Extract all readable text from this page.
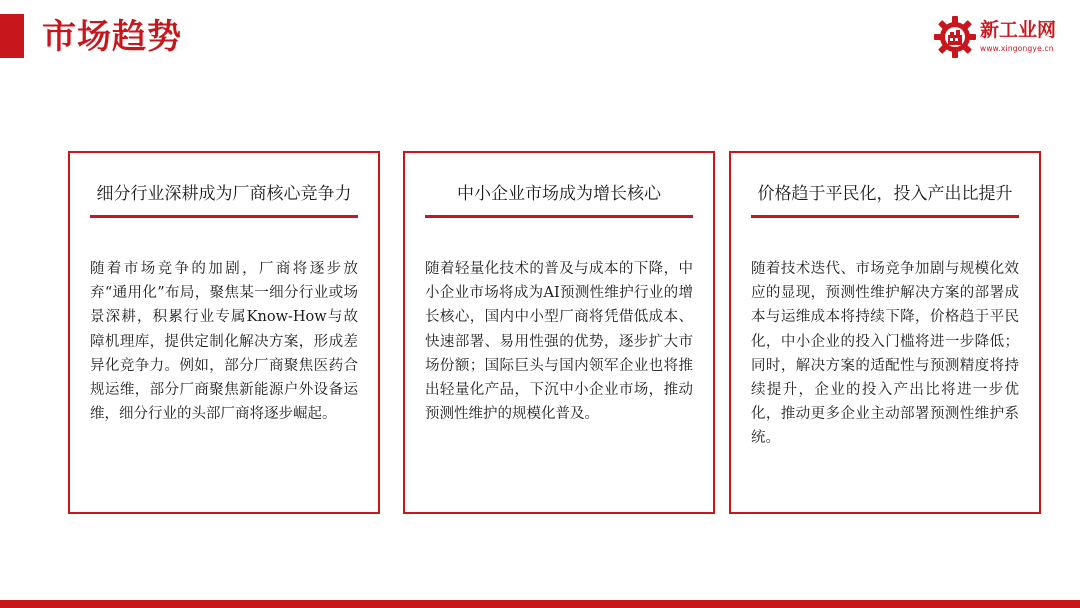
市场趋势	新工业网
www.xingongye.cn
细分行业深耕成为厂商核心竞争力
随着市场竞争的加剧，厂商将逐步放弃“通用化”布局，聚焦某一细分行业或场景深耕，积累行业专属Know-How与故障机理库，提供定制化解决方案，形成差异化竞争力。例如，部分厂商聚焦医药合规运维，部分厂商聚焦新能源户外设备运维，细分行业的头部厂商将逐步崛起。
中小企业市场成为增长核心
随着轻量化技术的普及与成本的下降，中小企业市场将成为AI预测性维护行业的增长核心，国内中小型厂商将凭借低成本、快速部署、易用性强的优势，逐步扩大市场份额；国际巨头与国内领军企业也将推出轻量化产品，下沉中小企业市场，推动预测性维护的规模化普及。
价格趋于平民化，投入产出比提升
随着技术迭代、市场竞争加剧与规模化效应的显现，预测性维护解决方案的部署成本与运维成本将持续下降，价格趋于平民化，中小企业的投入门槛将进一步降低；同时，解决方案的适配性与预测精度将持续提升，企业的投入产出比将进一步优化，推动更多企业主动部署预测性维护系统。
